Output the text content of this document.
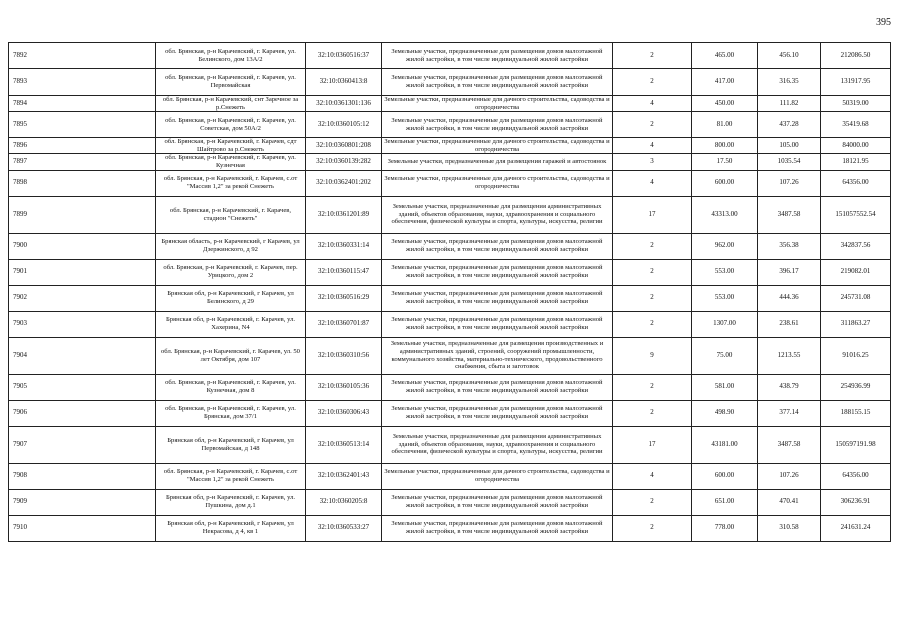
395
7892	обл. Брянская, р-н Карачевский, г. Карачев, ул. Белинского, дом 13А/2	32:10:0360516:37	Земельные участки, предназначенные для размещения домов малоэтажной жилой застройки, в том числе индивидуальной жилой застройки	2	465.00	456.10	212086.50
7893	обл. Брянская, р-н Карачевский, г. Карачев, ул. Первомайская	32:10:0360413:8	Земельные участки, предназначенные для размещения домов малоэтажной жилой застройки, в том числе индивидуальной жилой застройки	2	417.00	316.35	131917.95
7894	обл. Брянская, р-н Карачевский, снт Заречное за р.Снежеть	32:10:0361301:136	Земельные участки, предназначенные для дачного строительства, садоводства и огородничества	4	450.00	111.82	50319.00
7895	обл. Брянская, р-н Карачевский, г. Карачев, ул. Советская, дом 50А/2	32:10:0360105:12	Земельные участки, предназначенные для размещения домов малоэтажной жилой застройки, в том числе индивидуальной жилой застройки	2	81.00	437.28	35419.68
7896	обл. Брянская, р-н Карачевский, г. Карачев, сдт Шайтрово за р.Снежеть	32:10:0360801:208	Земельные участки, предназначенные для дачного строительства, садоводства и огородничества	4	800.00	105.00	84000.00
7897	обл. Брянская, р-н Карачевский, г. Карачев, ул. Кузнечная	32:10:0360139:282	Земельные участки, предназначенные для размещения гаражей и автостоянок	3	17.50	1035.54	18121.95
7898	обл. Брянская, р-н Карачевский, г. Карачев, с.от "Массив 1,2" за рекой Снежеть	32:10:0362401:202	Земельные участки, предназначенные для дачного строительства, садоводства и огородничества	4	600.00	107.26	64356.00
7899	обл. Брянская, р-н Карачевский, г. Карачев, стадион "Снежеть"	32:10:0361201:89	Земельные участки, предназначенные для размещения административных зданий, объектов образования, науки, здравоохранения и социального обеспечения, физической культуры и спорта, культуры, искусства, религии	17	43313.00	3487.58	151057552.54
7900	Брянская область, р-н Карачевский, г Карачев, ул Дзержинского, д 92	32:10:0360331:14	Земельные участки, предназначенные для размещения домов малоэтажной жилой застройки, в том числе индивидуальной жилой застройки	2	962.00	356.38	342837.56
7901	обл. Брянская, р-н Карачевский, г. Карачев, пер. Урицкого, дом 2	32:10:0360115:47	Земельные участки, предназначенные для размещения домов малоэтажной жилой застройки, в том числе индивидуальной жилой застройки	2	553.00	396.17	219082.01
7902	Брянская обл, р-н Карачевский, г Карачев, ул Белинского, д 29	32:10:0360516:29	Земельные участки, предназначенные для размещения домов малоэтажной жилой застройки, в том числе индивидуальной жилой застройки	2	553.00	444.36	245731.08
7903	Брянская обл, р-н Карачевский, г. Карачев, ул. Хахерина, N4	32:10:0360701:87	Земельные участки, предназначенные для размещения домов малоэтажной жилой застройки, в том числе индивидуальной жилой застройки	2	1307.00	238.61	311863.27
7904	обл. Брянская, р-н Карачевский, г. Карачев, ул. 50 лет Октября, дом 107	32:10:0360310:56	Земельные участки, предназначенные для размещения производственных и административных зданий, строений, сооружений промышленности, коммунального хозяйства, материально-технического, продовольственного снабжения, сбыта и заготовок	9	75.00	1213.55	91016.25
7905	обл. Брянская, р-н Карачевский, г. Карачев, ул. Кузнечная, дом 8	32:10:0360105:36	Земельные участки, предназначенные для размещения домов малоэтажной жилой застройки, в том числе индивидуальной жилой застройки	2	581.00	438.79	254936.99
7906	обл. Брянская, р-н Карачевский, г. Карачев, ул. Брянская, дом 37/1	32:10:0360306:43	Земельные участки, предназначенные для размещения домов малоэтажной жилой застройки, в том числе индивидуальной жилой застройки	2	498.90	377.14	188155.15
7907	Брянская обл, р-н Карачевский, г Карачев, ул Первомайская, д 148	32:10:0360513:14	Земельные участки, предназначенные для размещения административных зданий, объектов образования, науки, здравоохранения и социального обеспечения, физической культуры и спорта, культуры, искусства, религии	17	43181.00	3487.58	150597191.98
7908	обл. Брянская, р-н Карачевский, г. Карачев, с.от "Массив 1,2" за рекой Снежеть	32:10:0362401:43	Земельные участки, предназначенные для дачного строительства, садоводства и огородничества	4	600.00	107.26	64356.00
7909	Брянская обл, р-н Карачевский, г. Карачев, ул. Пушкина, дом д.1	32:10:0360205:8	Земельные участки, предназначенные для размещения домов малоэтажной жилой застройки, в том числе индивидуальной жилой застройки	2	651.00	470.41	306236.91
7910	Брянская обл, р-н Карачевский, г Карачев, ул Некрасова, д 4, кв 1	32:10:0360533:27	Земельные участки, предназначенные для размещения домов малоэтажной жилой застройки, в том числе индивидуальной жилой застройки	2	778.00	310.58	241631.24
